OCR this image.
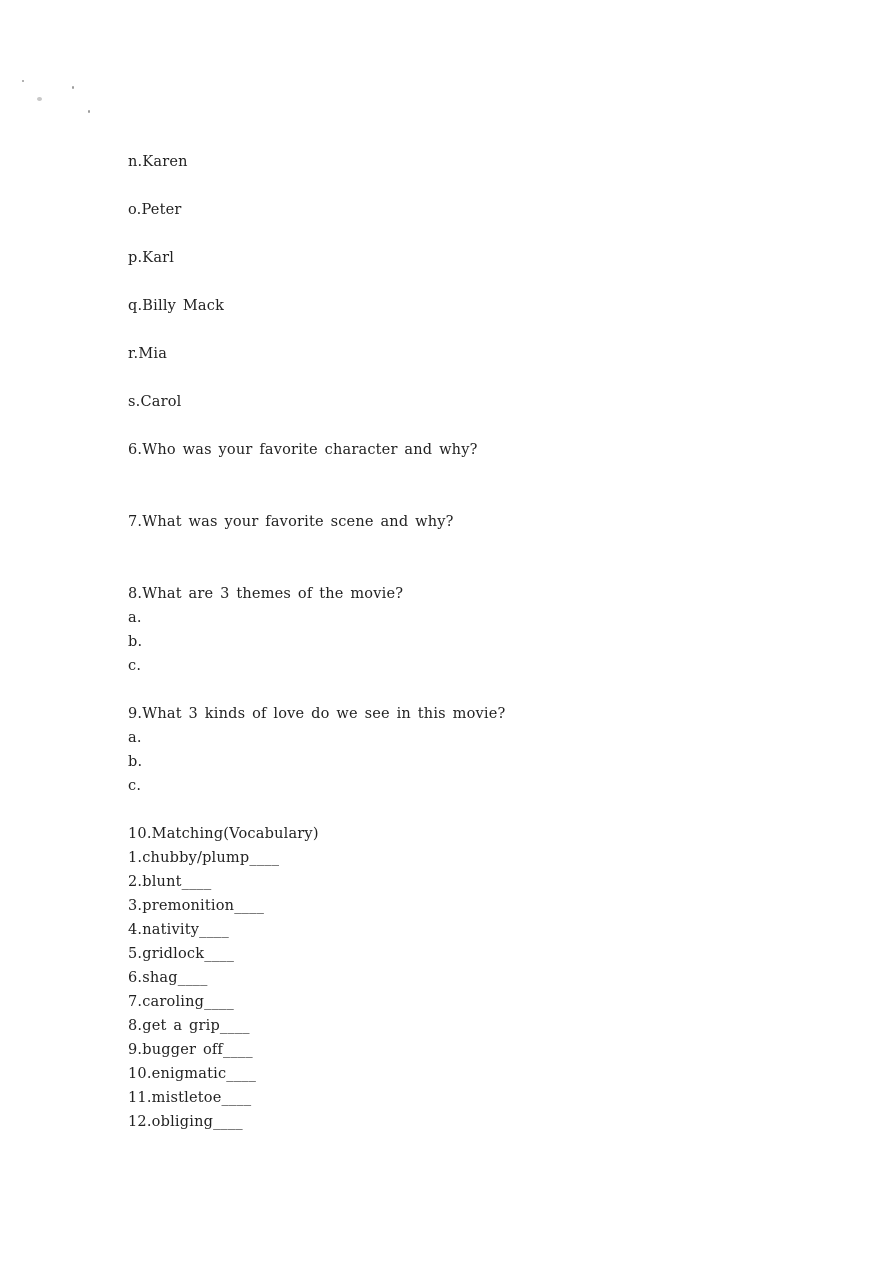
n.Karen
o.Peter
p.Karl
q.Billy Mack
r.Mia
s.Carol
6.Who was your favorite character and why?
7.What was your favorite scene and why?
8.What are 3 themes of the movie?
a.
b.
c.
9.What 3 kinds of love do we see in this movie?
a.
b.
c.
10.Matching(Vocabulary)
1.chubby/plump____
2.blunt____
3.premonition____
4.nativity____
5.gridlock____
6.shag____
7.caroling____
8.get a grip____
9.bugger off____
10.enigmatic____
11.mistletoe____
12.obliging____
